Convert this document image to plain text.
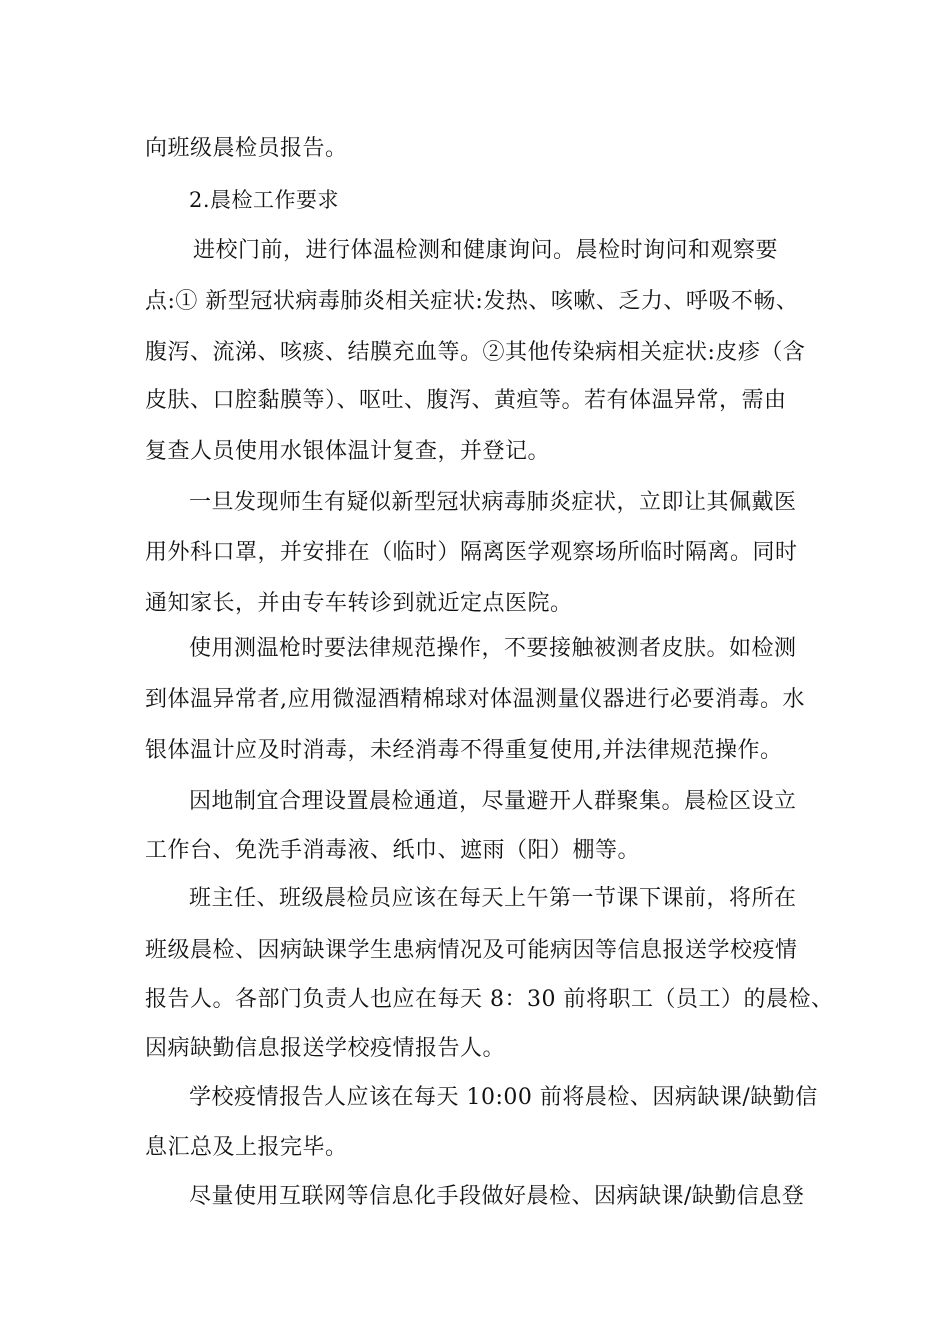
向班级晨检员报告。
2.晨检工作要求
进校门前，进行体温检测和健康询问。晨检时询问和观察要
点:① 新型冠状病毒肺炎相关症状:发热、咳嗽、乏力、呼吸不畅、
腹泻、流涕、咳痰、结膜充血等。②其他传染病相关症状:皮疹（含
皮肤、口腔黏膜等）、呕吐、腹泻、黄疸等。若有体温异常，需由
复查人员使用水银体温计复查，并登记。
一旦发现师生有疑似新型冠状病毒肺炎症状，立即让其佩戴医
用外科口罩，并安排在（临时）隔离医学观察场所临时隔离。同时
通知家长，并由专车转诊到就近定点医院。
使用测温枪时要法律规范操作，不要接触被测者皮肤。如检测
到体温异常者,应用微湿酒精棉球对体温测量仪器进行必要消毒。水
银体温计应及时消毒，未经消毒不得重复使用,并法律规范操作。
因地制宜合理设置晨检通道，尽量避开人群聚集。晨检区设立
工作台、免洗手消毒液、纸巾、遮雨（阳）棚等。
班主任、班级晨检员应该在每天上午第一节课下课前，将所在
班级晨检、因病缺课学生患病情况及可能病因等信息报送学校疫情
报告人。各部门负责人也应在每天 8：30 前将职工（员工）的晨检、
因病缺勤信息报送学校疫情报告人。
学校疫情报告人应该在每天 10:00 前将晨检、因病缺课/缺勤信
息汇总及上报完毕。
尽量使用互联网等信息化手段做好晨检、因病缺课/缺勤信息登
